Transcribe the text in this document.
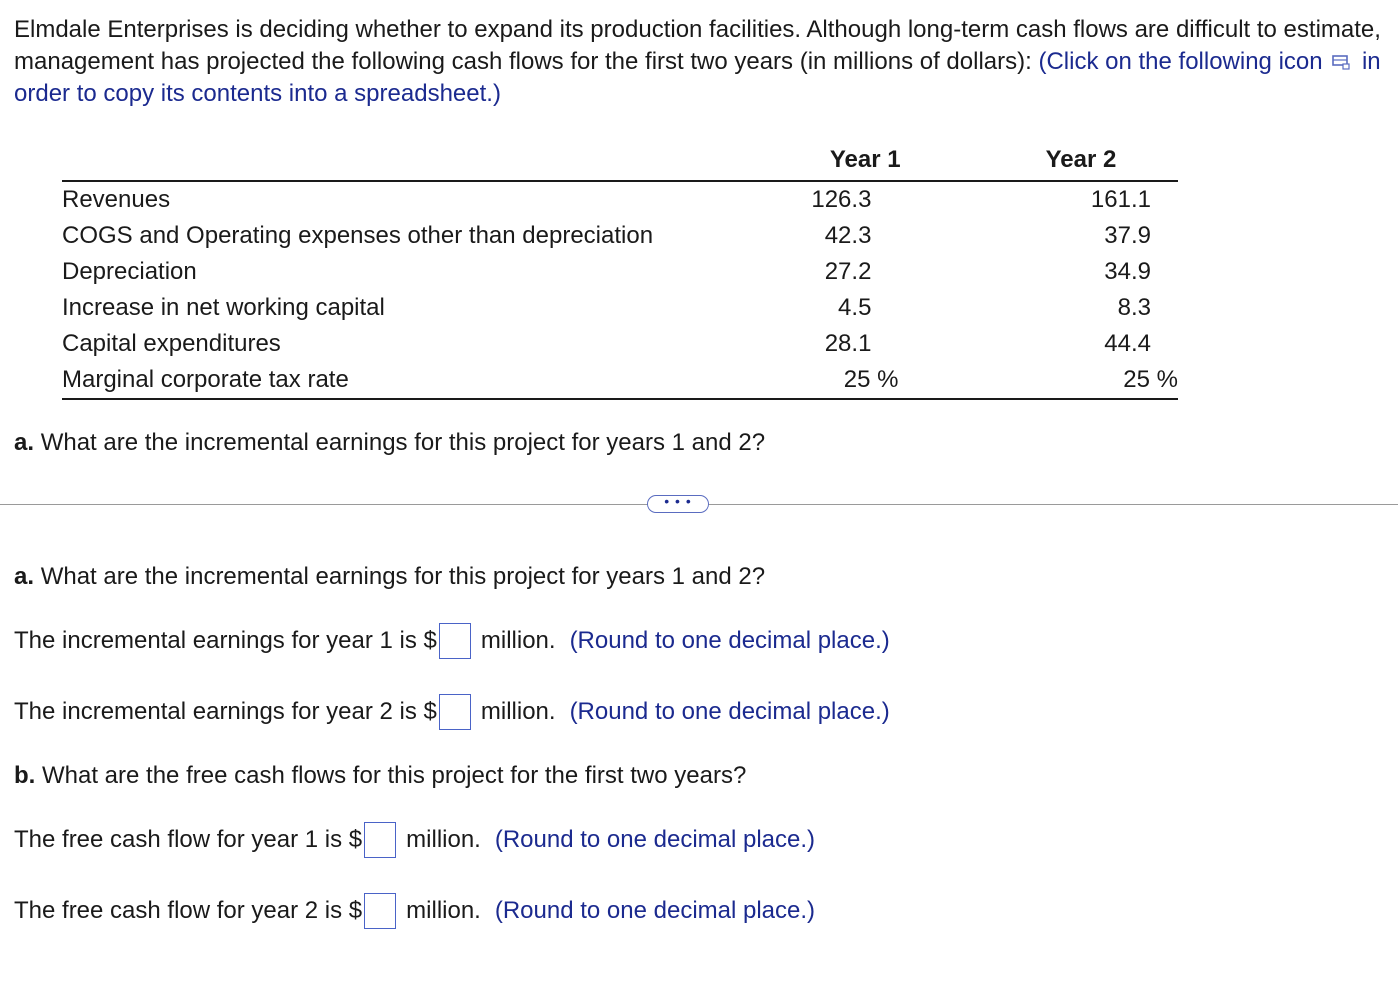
Elmdale Enterprises is deciding whether to expand its production facilities. Although long-term cash flows are difficult to estimate, management has projected the following cash flows for the first two years (in millions of dollars): (Click on the following icon in order to copy its contents into a spreadsheet.)
	Year 1	Year 2
Revenues	126.3	161.1
COGS and Operating expenses other than depreciation	42.3	37.9
Depreciation	27.2	34.9
Increase in net working capital	4.5	8.3
Capital expenditures	28.1	44.4
Marginal corporate tax rate	25 %	25 %
a. What are the incremental earnings for this project for years 1 and 2?
• • •
a. What are the incremental earnings for this project for years 1 and 2?
The incremental earnings for year 1 is $ million. (Round to one decimal place.)
The incremental earnings for year 2 is $ million. (Round to one decimal place.)
b. What are the free cash flows for this project for the first two years?
The free cash flow for year 1 is $ million. (Round to one decimal place.)
The free cash flow for year 2 is $ million. (Round to one decimal place.)
